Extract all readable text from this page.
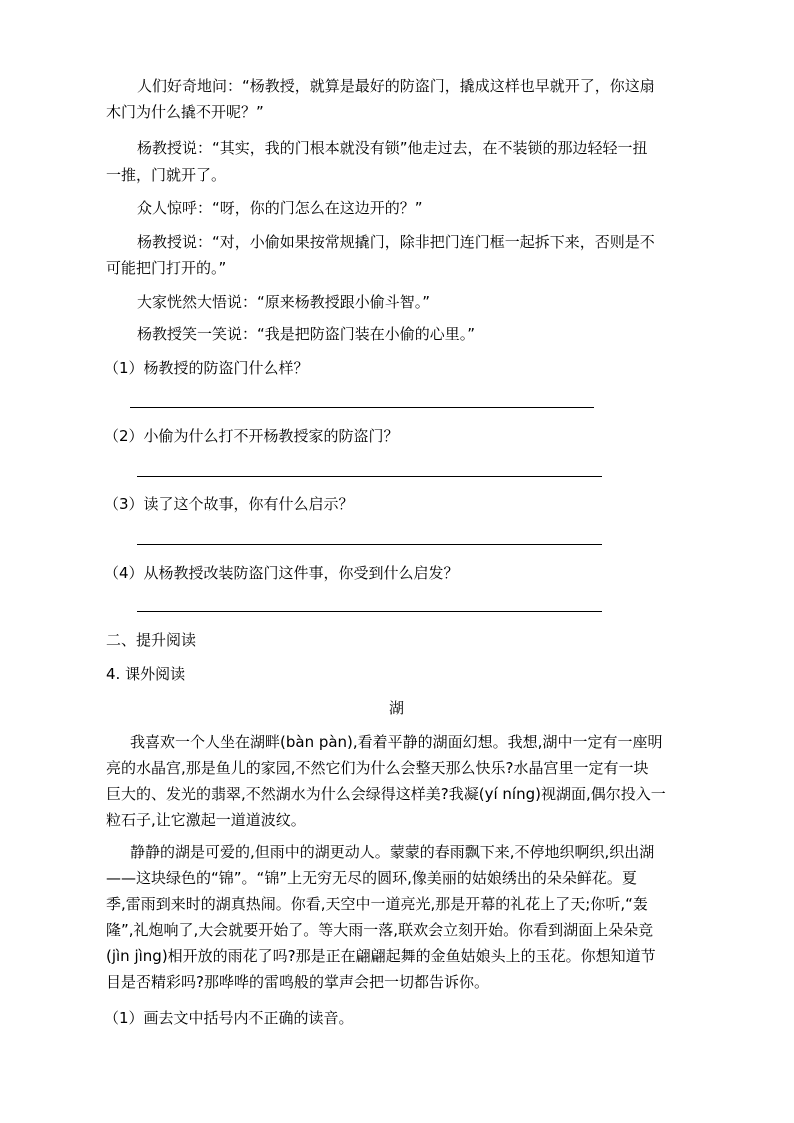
人们好奇地问：“杨教授，就算是最好的防盗门，撬成这样也早就开了，你这扇
木门为什么撬不开呢？”
杨教授说：“其实，我的门根本就没有锁”他走过去，在不装锁的那边轻轻一扭
一推，门就开了。
众人惊呼：“呀，你的门怎么在这边开的？”
杨教授说：“对，小偷如果按常规撬门，除非把门连门框一起拆下来，否则是不
可能把门打开的。”
大家恍然大悟说：“原来杨教授跟小偷斗智。”
杨教授笑一笑说：“我是把防盗门装在小偷的心里。”
（1）杨教授的防盗门什么样？
（2）小偷为什么打不开杨教授家的防盗门？
（3）读了这个故事，你有什么启示？
（4）从杨教授改装防盗门这件事，你受到什么启发？
二、提升阅读
4. 课外阅读
湖
我喜欢一个人坐在湖畔(bàn pàn),看着平静的湖面幻想。我想,湖中一定有一座明
亮的水晶宫,那是鱼儿的家园,不然它们为什么会整天那么快乐?水晶宫里一定有一块
巨大的、发光的翡翠,不然湖水为什么会绿得这样美?我凝(yí níng)视湖面,偶尔投入一
粒石子,让它激起一道道波纹。
静静的湖是可爱的,但雨中的湖更动人。蒙蒙的春雨飘下来,不停地织啊织,织出湖
——这块绿色的“锦”。“锦”上无穷无尽的圆环,像美丽的姑娘绣出的朵朵鲜花。夏
季,雷雨到来时的湖真热闹。你看,天空中一道亮光,那是开幕的礼花上了天;你听,“轰
隆”,礼炮响了,大会就要开始了。等大雨一落,联欢会立刻开始。你看到湖面上朵朵竞
(jìn jìng)相开放的雨花了吗?那是正在翩翩起舞的金鱼姑娘头上的玉花。你想知道节
目是否精彩吗?那哗哗的雷鸣般的掌声会把一切都告诉你。
（1）画去文中括号内不正确的读音。
